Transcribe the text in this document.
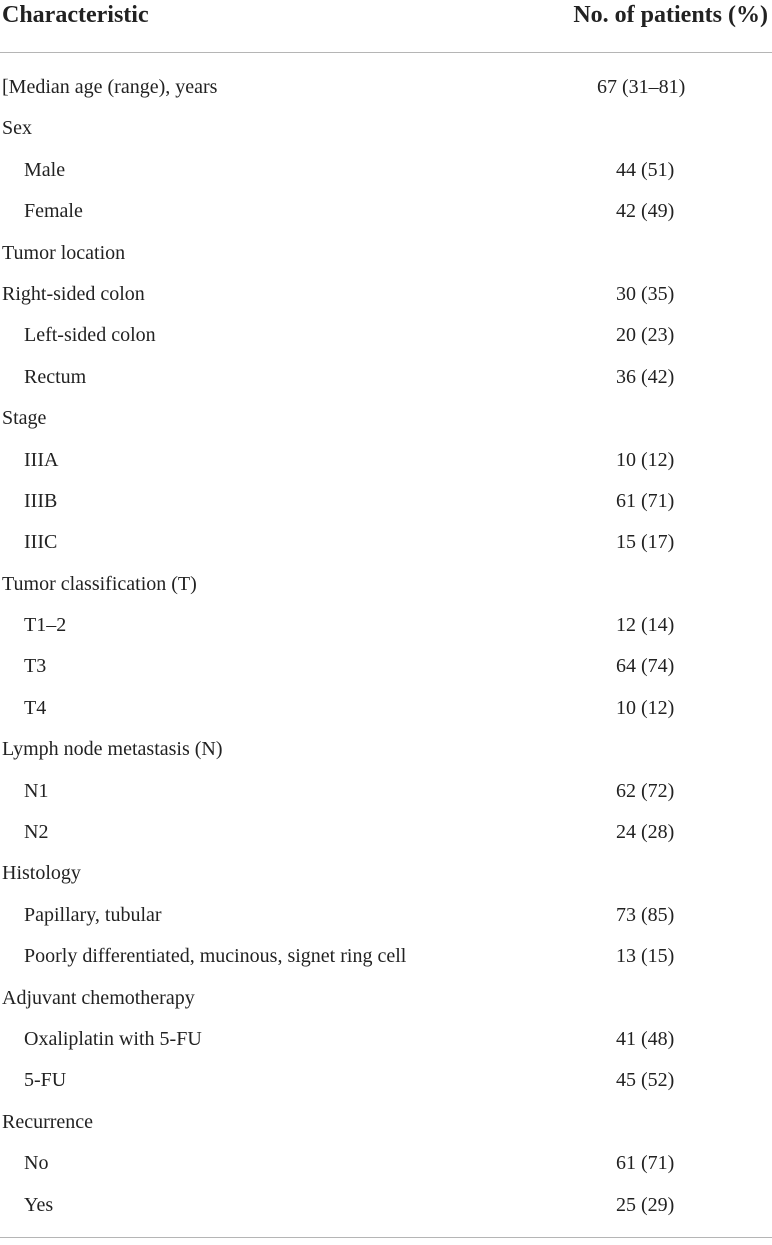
Characteristic	No. of patients (%)
[Median age (range), years	67 (31–81)
Sex
Male	44 (51)
Female	42 (49)
Tumor location
Right-sided colon	30 (35)
Left-sided colon	20 (23)
Rectum	36 (42)
Stage
IIIA	10 (12)
IIIB	61 (71)
IIIC	15 (17)
Tumor classification (T)
T1–2	12 (14)
T3	64 (74)
T4	10 (12)
Lymph node metastasis (N)
N1	62 (72)
N2	24 (28)
Histology
Papillary, tubular	73 (85)
Poorly differentiated, mucinous, signet ring cell	13 (15)
Adjuvant chemotherapy
Oxaliplatin with 5-FU	41 (48)
5-FU	45 (52)
Recurrence
No	61 (71)
Yes	25 (29)
